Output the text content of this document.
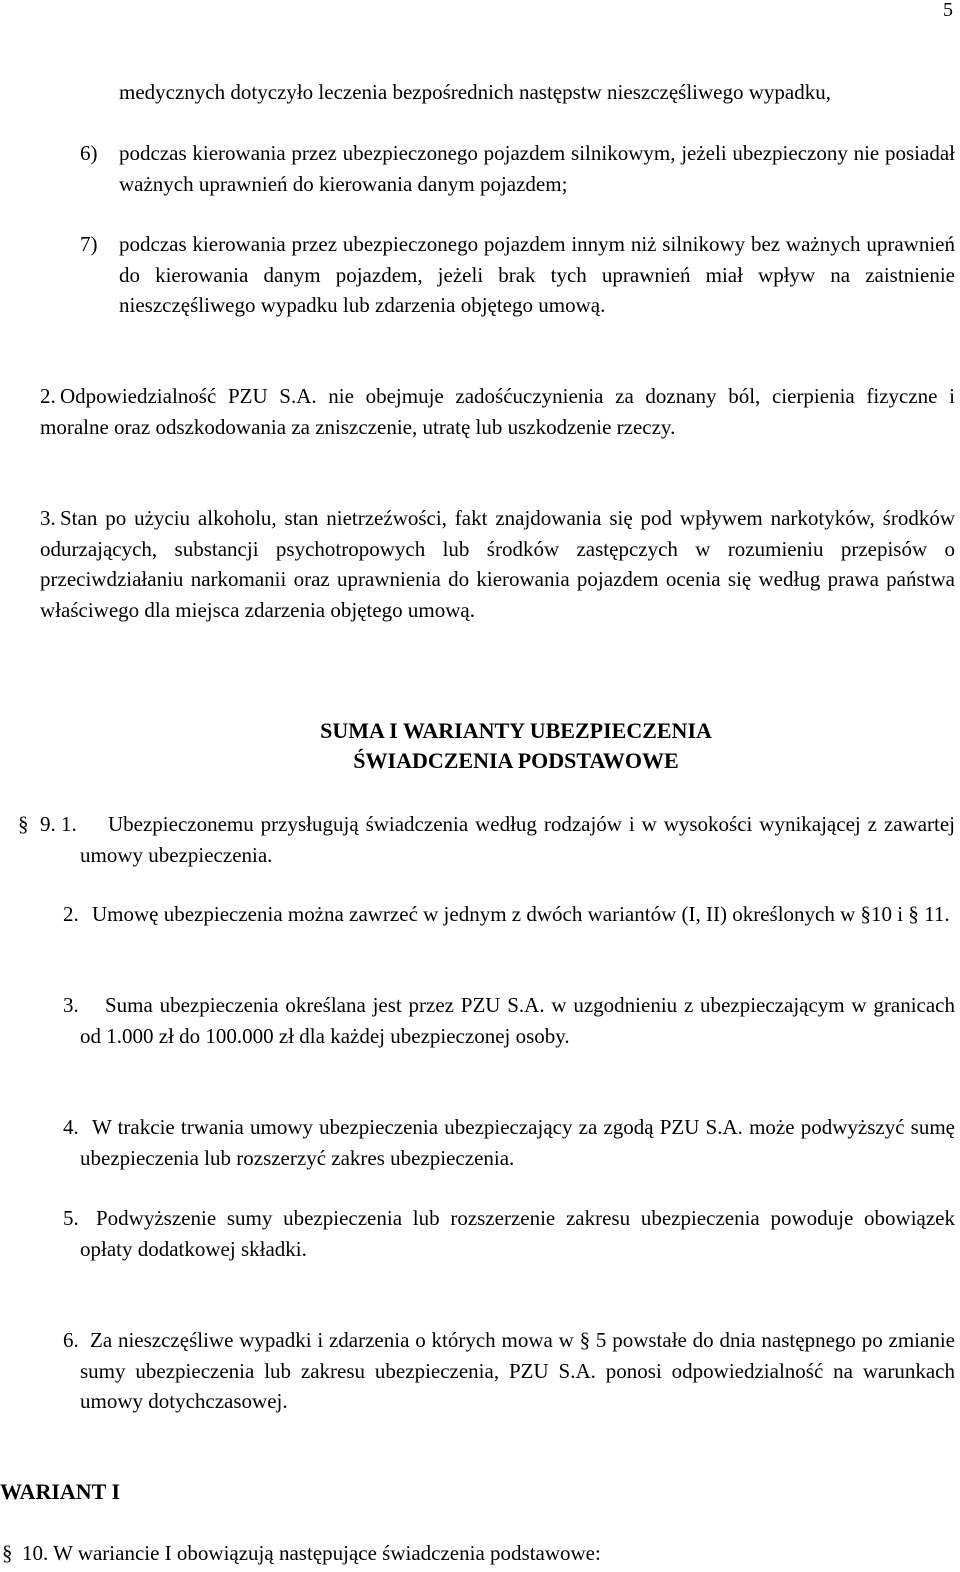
5
medycznych dotyczyło leczenia bezpośrednich następstw nieszczęśliwego wypadku,
6) podczas kierowania przez ubezpieczonego pojazdem silnikowym, jeżeli ubezpieczony nie posiadał ważnych uprawnień do kierowania danym pojazdem;
7) podczas kierowania przez ubezpieczonego pojazdem innym niż silnikowy bez ważnych uprawnień do kierowania danym pojazdem, jeżeli brak tych uprawnień miał wpływ na zaistnienie nieszczęśliwego wypadku lub zdarzenia objętego umową.
2. Odpowiedzialność PZU S.A. nie obejmuje zadośćuczynienia za doznany ból, cierpienia fizyczne i moralne oraz odszkodowania za zniszczenie, utratę lub uszkodzenie rzeczy.
3. Stan po użyciu alkoholu, stan nietrzeźwości, fakt znajdowania się pod wpływem narkotyków, środków odurzających, substancji psychotropowych lub środków zastępczych w rozumieniu przepisów o przeciwdziałaniu narkomanii oraz uprawnienia do kierowania pojazdem ocenia się według prawa państwa właściwego dla miejsca zdarzenia objętego umową.
SUMA I WARIANTY UBEZPIECZENIA
ŚWIADCZENIA PODSTAWOWE
§ 9. 1.	Ubezpieczonemu przysługują świadczenia według rodzajów i w wysokości wynikającej z zawartej umowy ubezpieczenia.
2. Umowę ubezpieczenia można zawrzeć w jednym z dwóch wariantów (I, II) określonych w §10 i § 11.
3.	Suma ubezpieczenia określana jest przez PZU S.A. w uzgodnieniu z ubezpieczającym w granicach od 1.000 zł do 100.000 zł dla każdej ubezpieczonej osoby.
4. W trakcie trwania umowy ubezpieczenia ubezpieczający za zgodą PZU S.A. może podwyższyć sumę ubezpieczenia lub rozszerzyć zakres ubezpieczenia.
5. Podwyższenie sumy ubezpieczenia lub rozszerzenie zakresu ubezpieczenia powoduje obowiązek opłaty dodatkowej składki.
6. Za nieszczęśliwe wypadki i zdarzenia o których mowa w § 5 powstałe do dnia następnego po zmianie sumy ubezpieczenia lub zakresu ubezpieczenia, PZU S.A. ponosi odpowiedzialność na warunkach umowy dotychczasowej.
WARIANT I
§ 10. W wariancie I obowiązują następujące świadczenia podstawowe:
